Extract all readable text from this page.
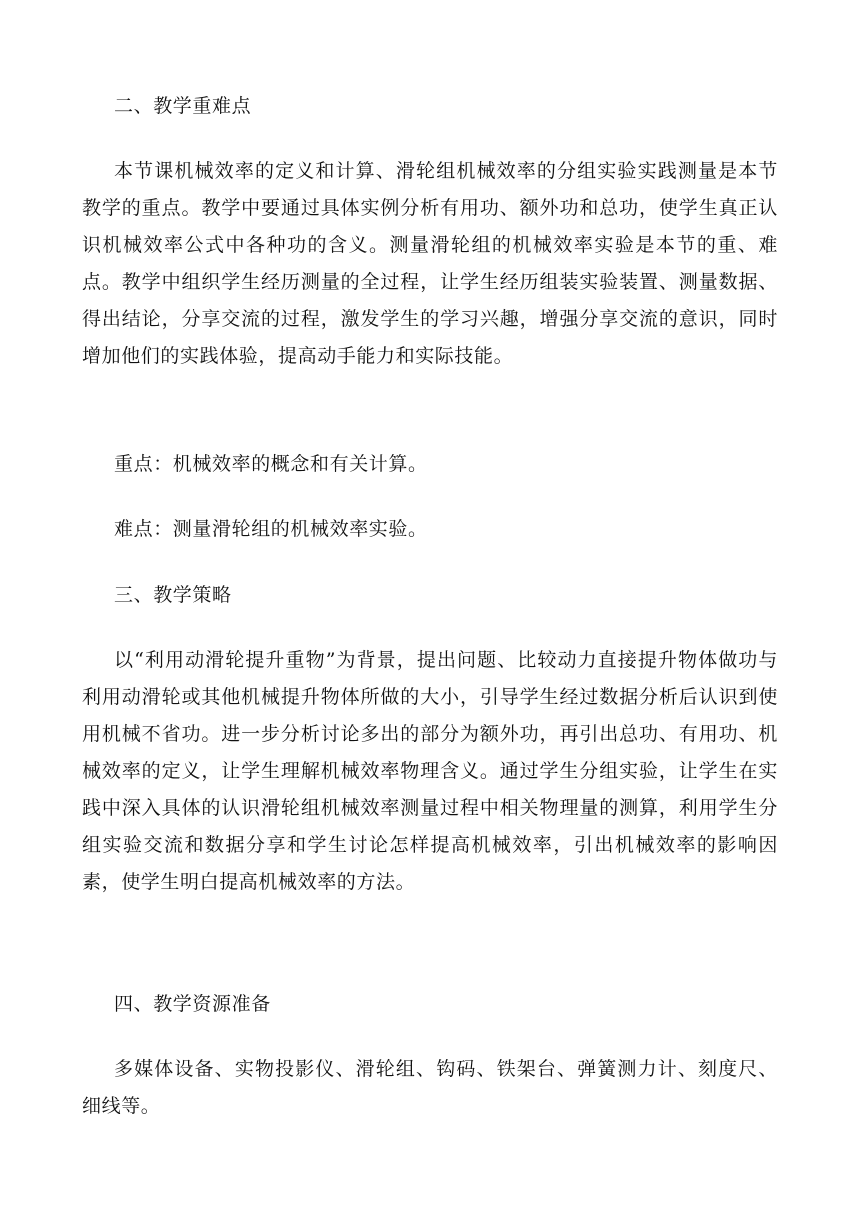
二、教学重难点

本节课机械效率的定义和计算、滑轮组机械效率的分组实验实践测量是本节教学的重点。教学中要通过具体实例分析有用功、额外功和总功，使学生真正认识机械效率公式中各种功的含义。测量滑轮组的机械效率实验是本节的重、难点。教学中组织学生经历测量的全过程，让学生经历组装实验装置、测量数据、得出结论，分享交流的过程，激发学生的学习兴趣，增强分享交流的意识，同时增加他们的实践体验，提高动手能力和实际技能。

重点：机械效率的概念和有关计算。

难点：测量滑轮组的机械效率实验。

三、教学策略

以“利用动滑轮提升重物”为背景，提出问题、比较动力直接提升物体做功与利用动滑轮或其他机械提升物体所做的大小，引导学生经过数据分析后认识到使用机械不省功。进一步分析讨论多出的部分为额外功，再引出总功、有用功、机械效率的定义，让学生理解机械效率物理含义。通过学生分组实验，让学生在实践中深入具体的认识滑轮组机械效率测量过程中相关物理量的测算，利用学生分组实验交流和数据分享和学生讨论怎样提高机械效率，引出机械效率的影响因素，使学生明白提高机械效率的方法。

四、教学资源准备

多媒体设备、实物投影仪、滑轮组、钩码、铁架台、弹簧测力计、刻度尺、细线等。
